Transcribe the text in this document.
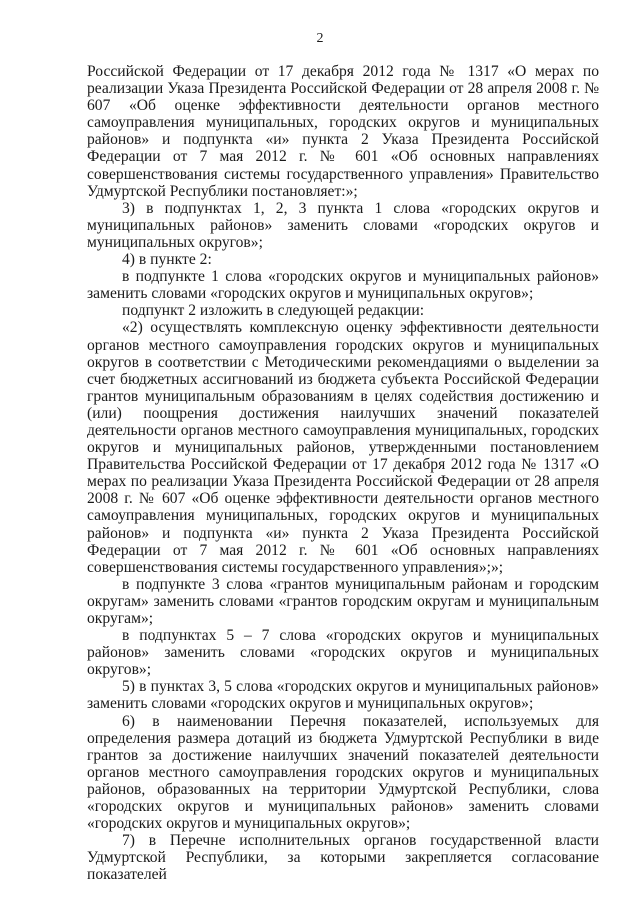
2

Российской Федерации от 17 декабря 2012 года № 1317 «О мерах по реализации Указа Президента Российской Федерации от 28 апреля 2008 г. № 607 «Об оценке эффективности деятельности органов местного самоуправления муниципальных, городских округов и муниципальных районов» и подпункта «и» пункта 2 Указа Президента Российской Федерации от 7 мая 2012 г. № 601 «Об основных направлениях совершенствования системы государственного управления» Правительство Удмуртской Республики постановляет:»;

3) в подпунктах 1, 2, 3 пункта 1 слова «городских округов и муниципальных районов» заменить словами «городских округов и муниципальных округов»;

4) в пункте 2:

в подпункте 1 слова «городских округов и муниципальных районов» заменить словами «городских округов и муниципальных округов»;

подпункт 2 изложить в следующей редакции:

«2) осуществлять комплексную оценку эффективности деятельности органов местного самоуправления городских округов и муниципальных округов в соответствии с Методическими рекомендациями о выделении за счет бюджетных ассигнований из бюджета субъекта Российской Федерации грантов муниципальным образованиям в целях содействия достижению и (или) поощрения достижения наилучших значений показателей деятельности органов местного самоуправления муниципальных, городских округов и муниципальных районов, утвержденными постановлением Правительства Российской Федерации от 17 декабря 2012 года № 1317 «О мерах по реализации Указа Президента Российской Федерации от 28 апреля 2008 г. № 607 «Об оценке эффективности деятельности органов местного самоуправления муниципальных, городских округов и муниципальных районов» и подпункта «и» пункта 2 Указа Президента Российской Федерации от 7 мая 2012 г. № 601 «Об основных направлениях совершенствования системы государственного управления»;»;

в подпункте 3 слова «грантов муниципальным районам и городским округам» заменить словами «грантов городским округам и муниципальным округам»;

в подпунктах 5 – 7 слова «городских округов и муниципальных районов» заменить словами «городских округов и муниципальных округов»;

5) в пунктах 3, 5 слова «городских округов и муниципальных районов» заменить словами «городских округов и муниципальных округов»;

6) в наименовании Перечня показателей, используемых для определения размера дотаций из бюджета Удмуртской Республики в виде грантов за достижение наилучших значений показателей деятельности органов местного самоуправления городских округов и муниципальных районов, образованных на территории Удмуртской Республики, слова «городских округов и муниципальных районов» заменить словами «городских округов и муниципальных округов»;

7) в Перечне исполнительных органов государственной власти Удмуртской Республики, за которыми закрепляется согласование показателей
